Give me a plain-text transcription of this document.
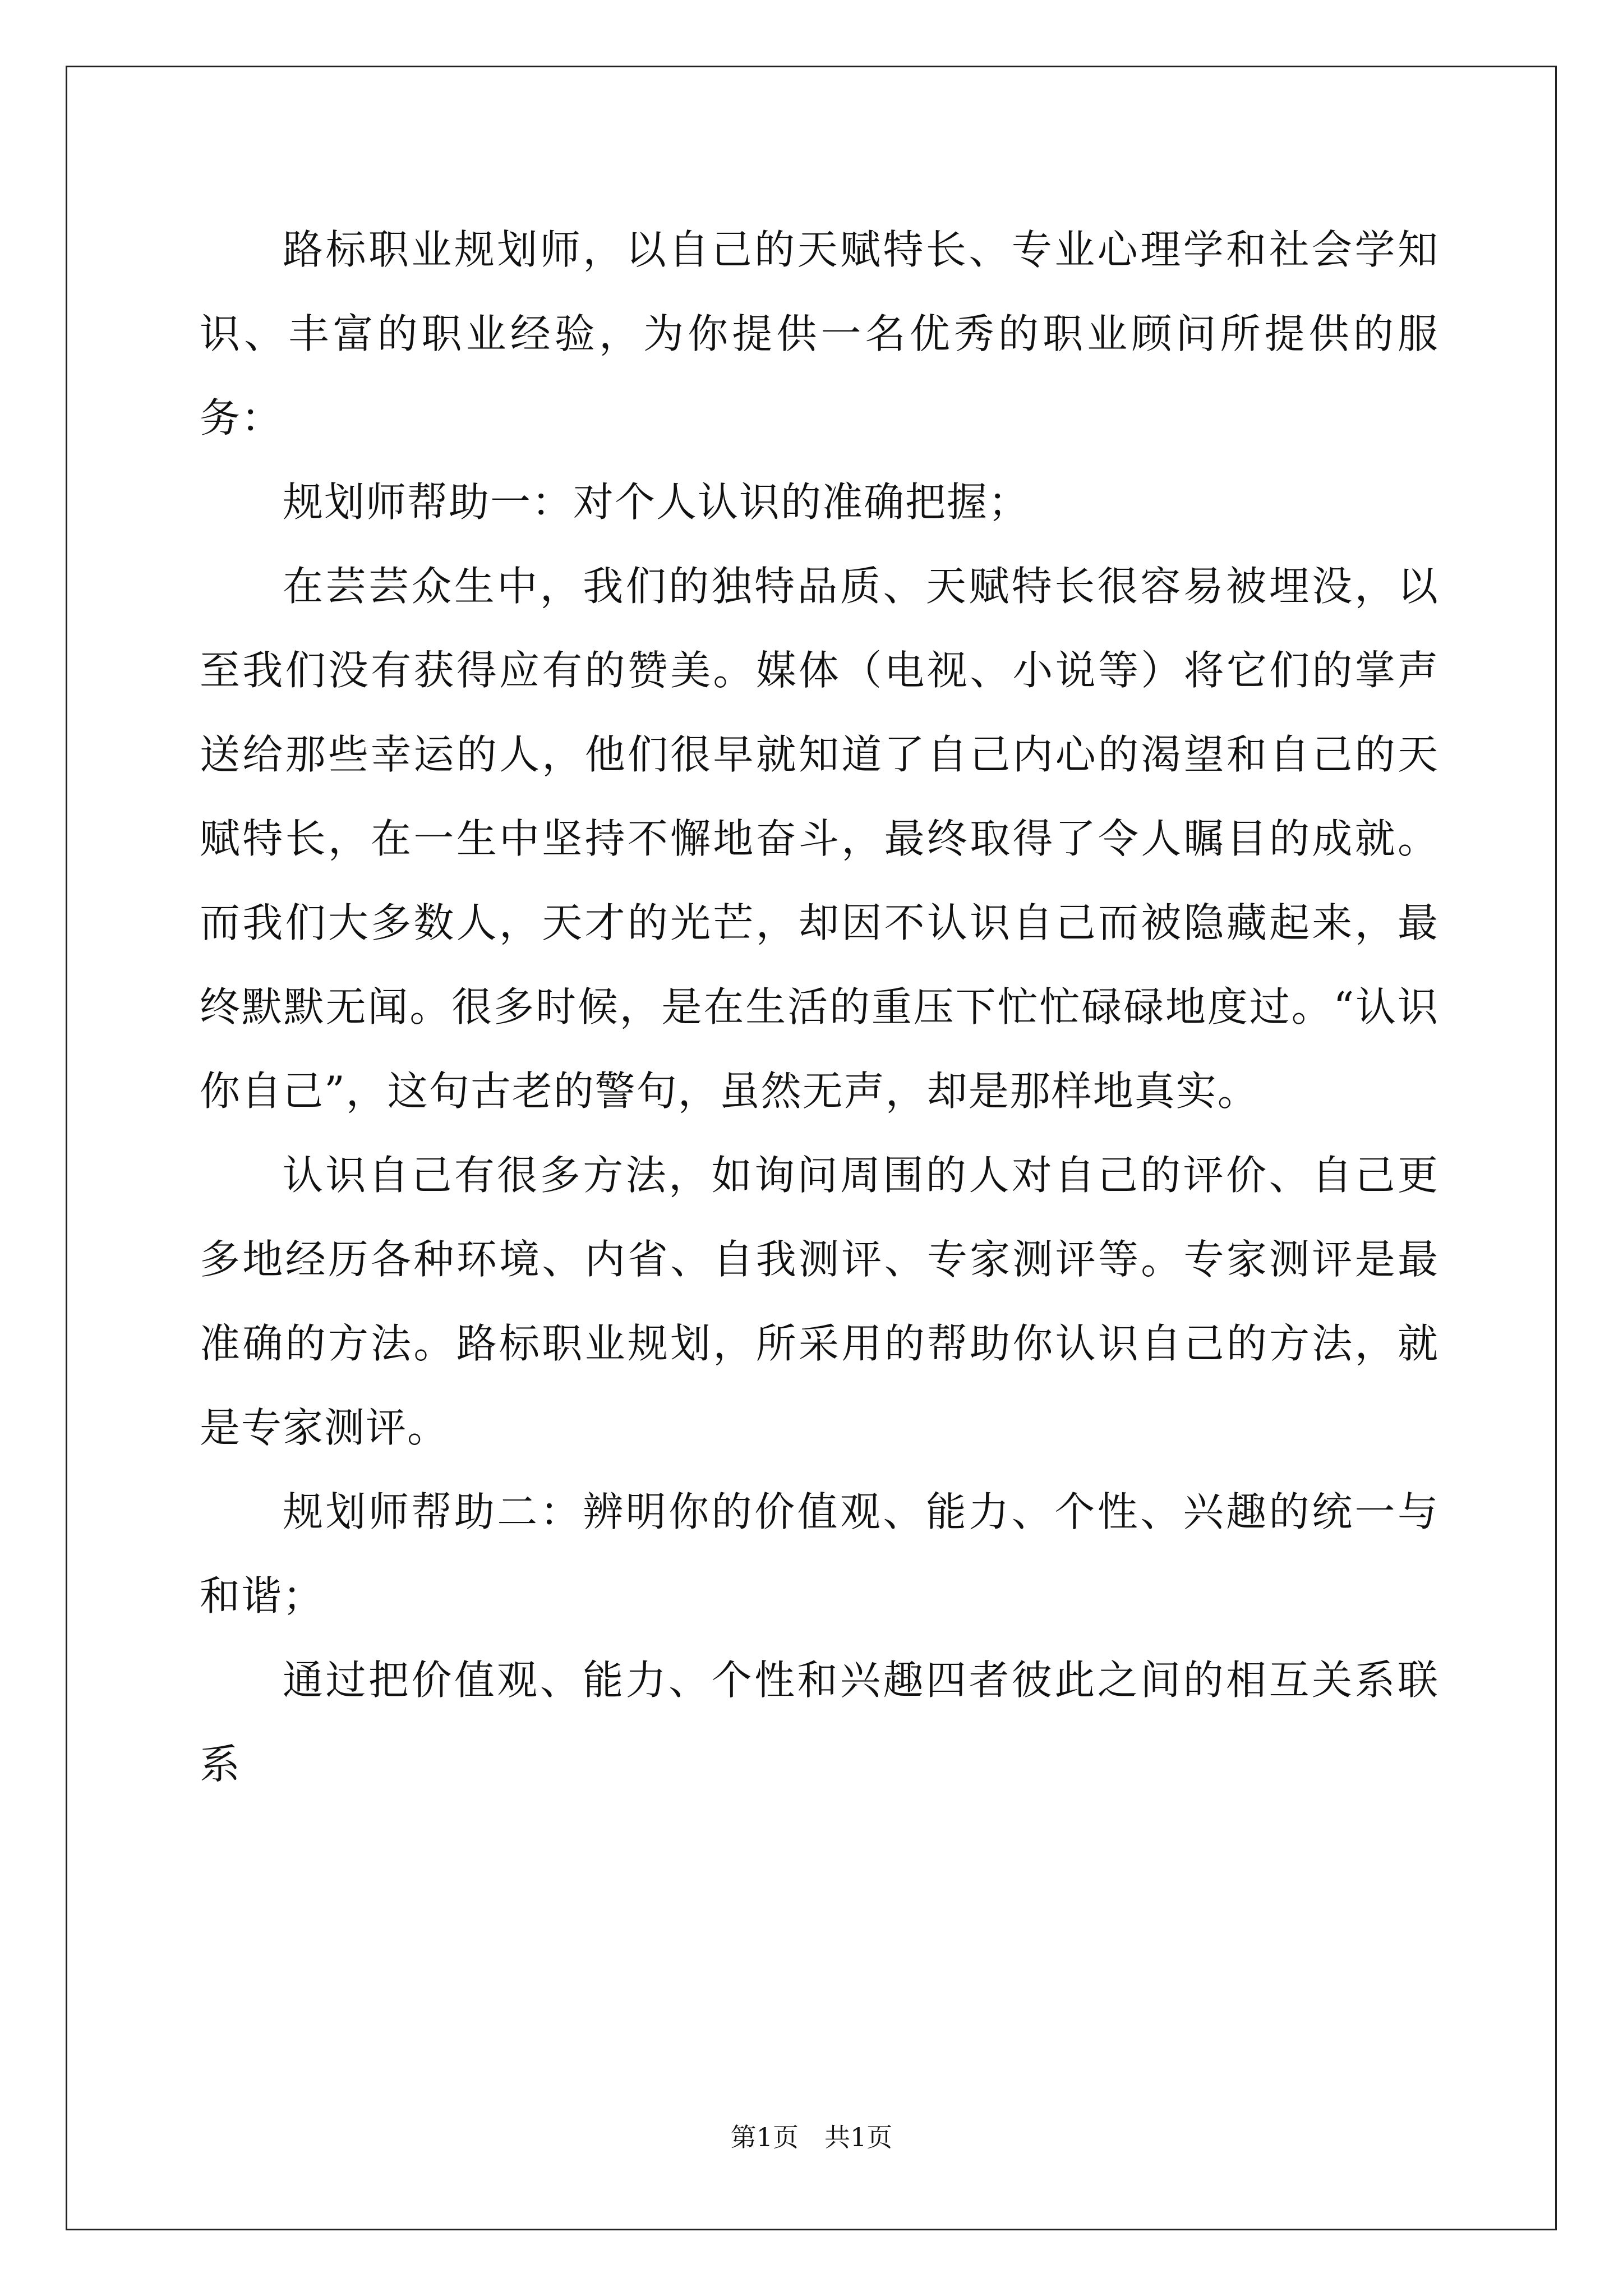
路标职业规划师，以自己的天赋特长、专业心理学和社会学知识、丰富的职业经验，为你提供一名优秀的职业顾问所提供的服务：

规划师帮助一：对个人认识的准确把握；

在芸芸众生中，我们的独特品质、天赋特长很容易被埋没，以至我们没有获得应有的赞美。媒体（电视、小说等）将它们的掌声送给那些幸运的人，他们很早就知道了自己内心的渴望和自己的天赋特长，在一生中坚持不懈地奋斗，最终取得了令人瞩目的成就。而我们大多数人，天才的光芒，却因不认识自己而被隐藏起来，最终默默无闻。很多时候，是在生活的重压下忙忙碌碌地度过。“认识你自己”，这句古老的警句，虽然无声，却是那样地真实。

认识自己有很多方法，如询问周围的人对自己的评价、自己更多地经历各种环境、内省、自我测评、专家测评等。专家测评是最准确的方法。路标职业规划，所采用的帮助你认识自己的方法，就是专家测评。

规划师帮助二：辨明你的价值观、能力、个性、兴趣的统一与和谐；

通过把价值观、能力、个性和兴趣四者彼此之间的相互关系联系

第1页 共1页
